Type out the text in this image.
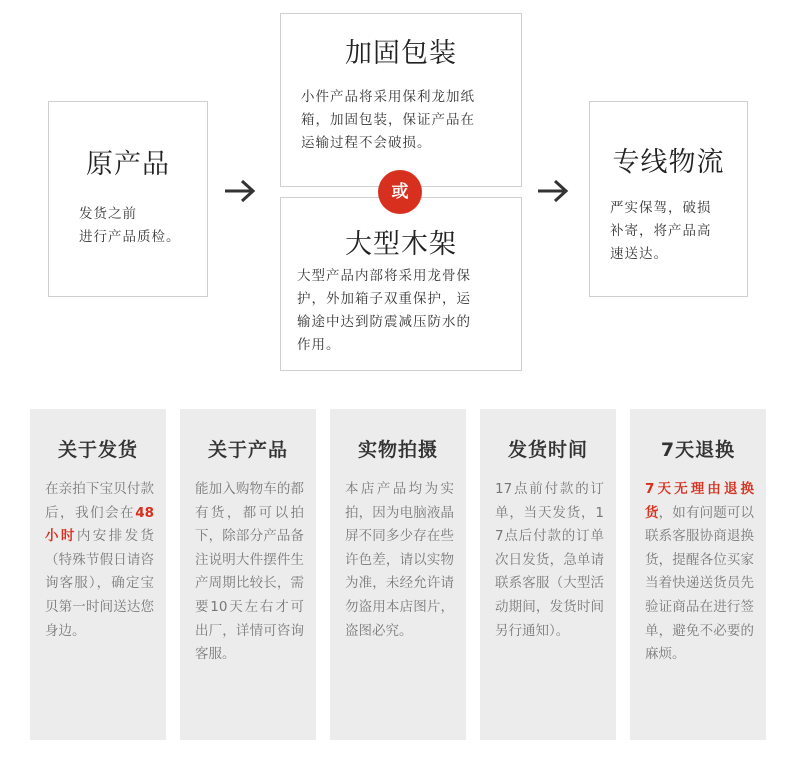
原产品
发货之前
进行产品质检。
加固包装
小件产品将采用保利龙加纸
箱，加固包装，保证产品在
运输过程不会破损。
大型木架
大型产品内部将采用龙骨保
护，外加箱子双重保护，运
输途中达到防震减压防水的
作用。
或
专线物流
严实保驾，破损
补寄，将产品高
速送达。
关于发货
在亲拍下宝贝付款后，我们会在48小时内安排发货（特殊节假日请咨询客服），确定宝贝第一时间送达您身边。
关于产品
能加入购物车的都有货，都可以拍下，除部分产品备注说明大件摆件生产周期比较长，需要10天左右才可出厂，详情可咨询客服。
实物拍摄
本店产品均为实拍，因为电脑液晶屏不同多少存在些许色差，请以实物为准，未经允许请勿盗用本店图片，盗图必究。
发货时间
17点前付款的订单，当天发货，17点后付款的订单次日发货，急单请联系客服（大型活动期间，发货时间另行通知）。
7天退换
7天无理由退换货，如有问题可以联系客服协商退换货，提醒各位买家当着快递送货员先验证商品在进行签单，避免不必要的麻烦。
